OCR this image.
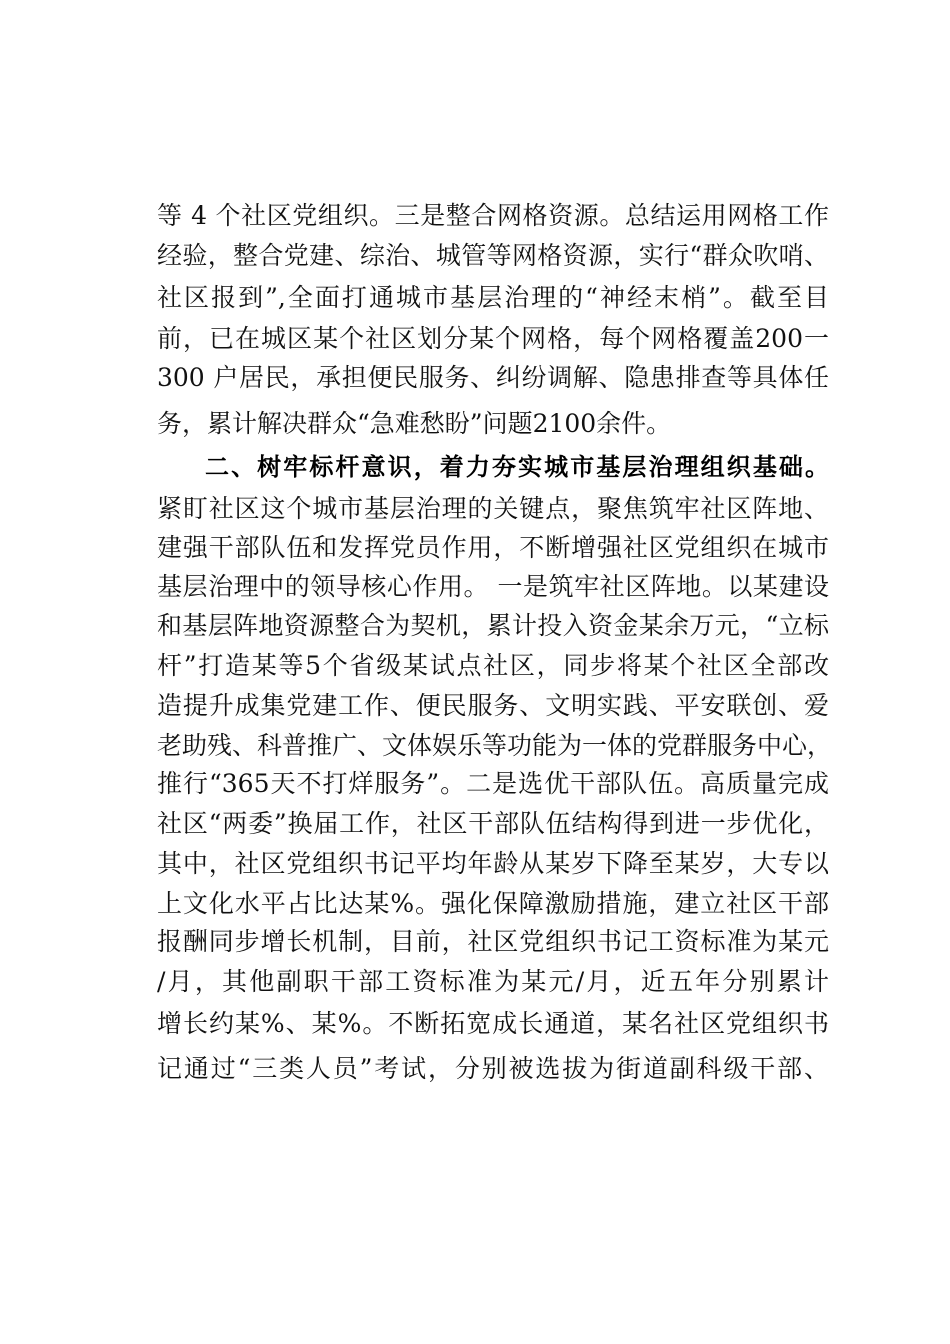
等 4 个社区党组织。三是整合网格资源。总结运用网格工作
经验，整合党建、综治、城管等网格资源，实行“群众吹哨、
社区报到”,全面打通城市基层治理的“神经末梢”。截至目
前，已在城区某个社区划分某个网格，每个网格覆盖200一
300 户居民，承担便民服务、纠纷调解、隐患排查等具体任
务，累计解决群众“急难愁盼”问题2100余件。
二、树牢标杆意识，着力夯实城市基层治理组织基础。
紧盯社区这个城市基层治理的关键点，聚焦筑牢社区阵地、
建强干部队伍和发挥党员作用，不断增强社区党组织在城市
基层治理中的领导核心作用。 一是筑牢社区阵地。以某建设
和基层阵地资源整合为契机，累计投入资金某余万元，“立标
杆”打造某等5个省级某试点社区，同步将某个社区全部改
造提升成集党建工作、便民服务、文明实践、平安联创、爱
老助残、科普推广、文体娱乐等功能为一体的党群服务中心，
推行“365天不打烊服务”。二是选优干部队伍。高质量完成
社区“两委”换届工作，社区干部队伍结构得到进一步优化，
其中，社区党组织书记平均年龄从某岁下降至某岁，大专以
上文化水平占比达某%。强化保障激励措施，建立社区干部
报酬同步增长机制，目前，社区党组织书记工资标准为某元
/月，其他副职干部工资标准为某元/月，近五年分别累计
增长约某%、某%。不断拓宽成长通道，某名社区党组织书
记通过“三类人员”考试，分别被选拔为街道副科级干部、
